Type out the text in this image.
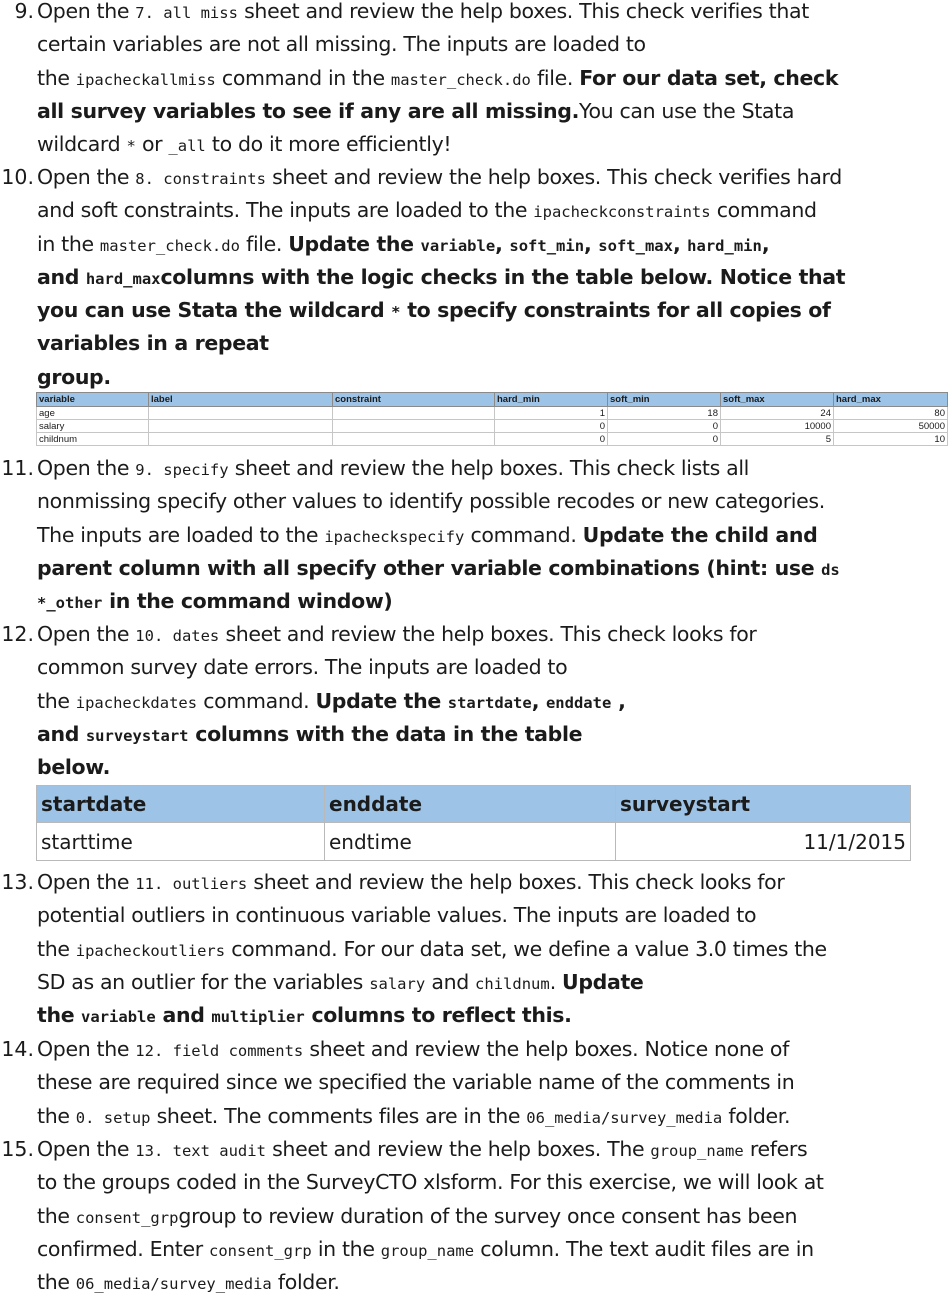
9. Open the 7. all miss sheet and review the help boxes. This check verifies that
certain variables are not all missing. The inputs are loaded to
the ipacheckallmiss command in the master_check.do file. For our data set, check
all survey variables to see if any are all missing.You can use the Stata
wildcard * or _all to do it more efficiently!
10. Open the 8. constraints sheet and review the help boxes. This check verifies hard
and soft constraints. The inputs are loaded to the ipacheckconstraints command
in the master_check.do file. Update the variable, soft_min, soft_max, hard_min,
and hard_maxcolumns with the logic checks in the table below. Notice that
you can use Stata the wildcard * to specify constraints for all copies of
variables in a repeat
group.
variable	label	constraint	hard_min	soft_min	soft_max	hard_max
age			1	18	24	80
salary			0	0	10000	50000
childnum			0	0	5	10
11. Open the 9. specify sheet and review the help boxes. This check lists all
nonmissing specify other values to identify possible recodes or new categories.
The inputs are loaded to the ipacheckspecify command. Update the child and
parent column with all specify other variable combinations (hint: use ds
*_other in the command window)
12. Open the 10. dates sheet and review the help boxes. This check looks for
common survey date errors. The inputs are loaded to
the ipacheckdates command. Update the startdate, enddate ,
and surveystart columns with the data in the table
below.
startdate	enddate	surveystart
starttime	endtime	11/1/2015
13. Open the 11. outliers sheet and review the help boxes. This check looks for
potential outliers in continuous variable values. The inputs are loaded to
the ipacheckoutliers command. For our data set, we define a value 3.0 times the
SD as an outlier for the variables salary and childnum. Update
the variable and multiplier columns to reflect this.
14. Open the 12. field comments sheet and review the help boxes. Notice none of
these are required since we specified the variable name of the comments in
the 0. setup sheet. The comments files are in the 06_media/survey_media folder.
15. Open the 13. text audit sheet and review the help boxes. The group_name refers
to the groups coded in the SurveyCTO xlsform. For this exercise, we will look at
the consent_grpgroup to review duration of the survey once consent has been
confirmed. Enter consent_grp in the group_name column. The text audit files are in
the 06_media/survey_media folder.
